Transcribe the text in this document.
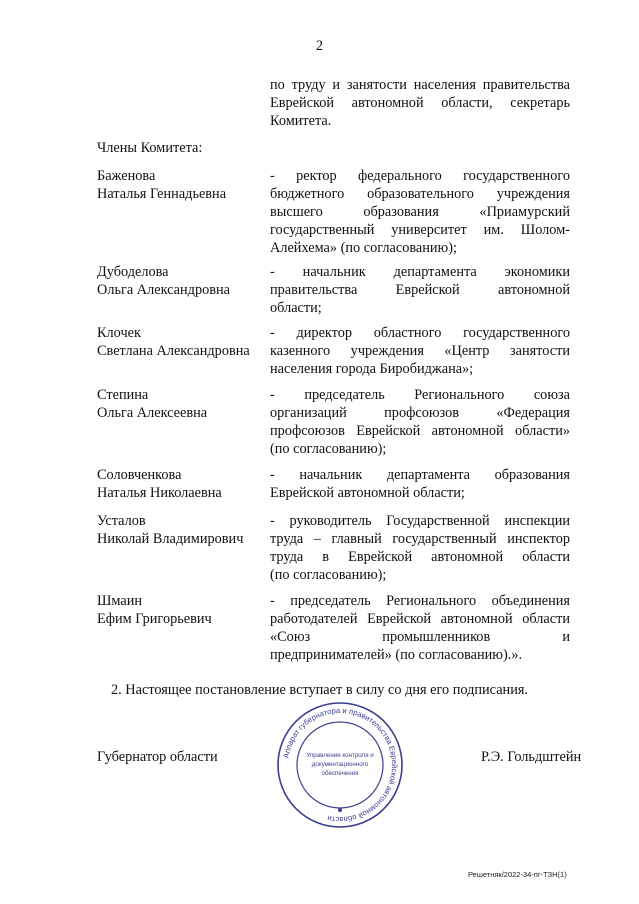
2
по труду и занятости населения правительства
Еврейской автономной области, секретарь
Комитета.
Члены Комитета:
Баженова
Наталья Геннадьевна
- ректор федерального государственного
бюджетного образовательного учреждения
высшего образования «Приамурский
государственный университет им. Шолом-
Алейхема» (по согласованию);
Дубоделова
Ольга Александровна
- начальник департамента экономики
правительства Еврейской автономной
области;
Клочек
Светлана Александровна
- директор областного государственного
казенного учреждения «Центр занятости
населения города Биробиджана»;
Степина
Ольга Алексеевна
- председатель Регионального союза
организаций профсоюзов «Федерация
профсоюзов Еврейской автономной области»
(по согласованию);
Соловченкова
Наталья Николаевна
- начальник департамента образования
Еврейской автономной области;
Усталов
Николай Владимирович
- руководитель Государственной инспекции
труда – главный государственный инспектор
труда в Еврейской автономной области
(по согласованию);
Шмаин
Ефим Григорьевич
- председатель Регионального объединения
работодателей Еврейской автономной области
«Союз промышленников и
предпринимателей» (по согласованию).».
2. Настоящее постановление вступает в силу со дня его подписания.
Губернатор области	Аппарат губернатора и правительства Еврейской автономной области
Управление контроля и
документационного
обеспечения
Р.Э. Гольдштейн
Решетняк/2022-34-пг-ТЗН(1)
